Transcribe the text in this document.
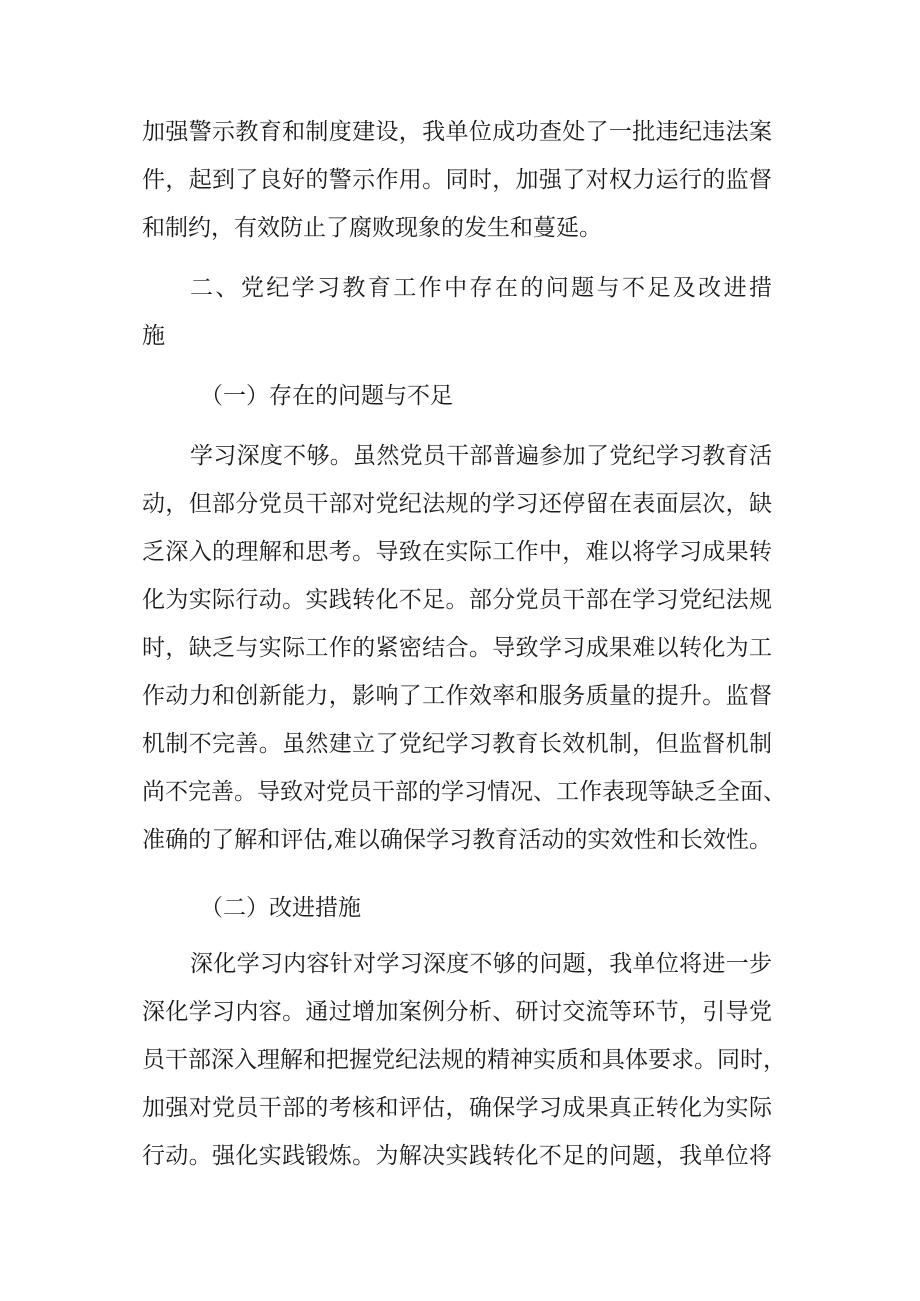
加强警示教育和制度建设，我单位成功查处了一批违纪违法案
件，起到了良好的警示作用。同时，加强了对权力运行的监督
和制约，有效防止了腐败现象的发生和蔓延。
二、党纪学习教育工作中存在的问题与不足及改进措
施
（一）存在的问题与不足
学习深度不够。虽然党员干部普遍参加了党纪学习教育活
动，但部分党员干部对党纪法规的学习还停留在表面层次，缺
乏深入的理解和思考。导致在实际工作中，难以将学习成果转
化为实际行动。实践转化不足。部分党员干部在学习党纪法规
时，缺乏与实际工作的紧密结合。导致学习成果难以转化为工
作动力和创新能力，影响了工作效率和服务质量的提升。监督
机制不完善。虽然建立了党纪学习教育长效机制，但监督机制
尚不完善。导致对党员干部的学习情况、工作表现等缺乏全面、
准确的了解和评估,难以确保学习教育活动的实效性和长效性。
（二）改进措施
深化学习内容针对学习深度不够的问题，我单位将进一步
深化学习内容。通过增加案例分析、研讨交流等环节，引导党
员干部深入理解和把握党纪法规的精神实质和具体要求。同时，
加强对党员干部的考核和评估，确保学习成果真正转化为实际
行动。强化实践锻炼。为解决实践转化不足的问题，我单位将
